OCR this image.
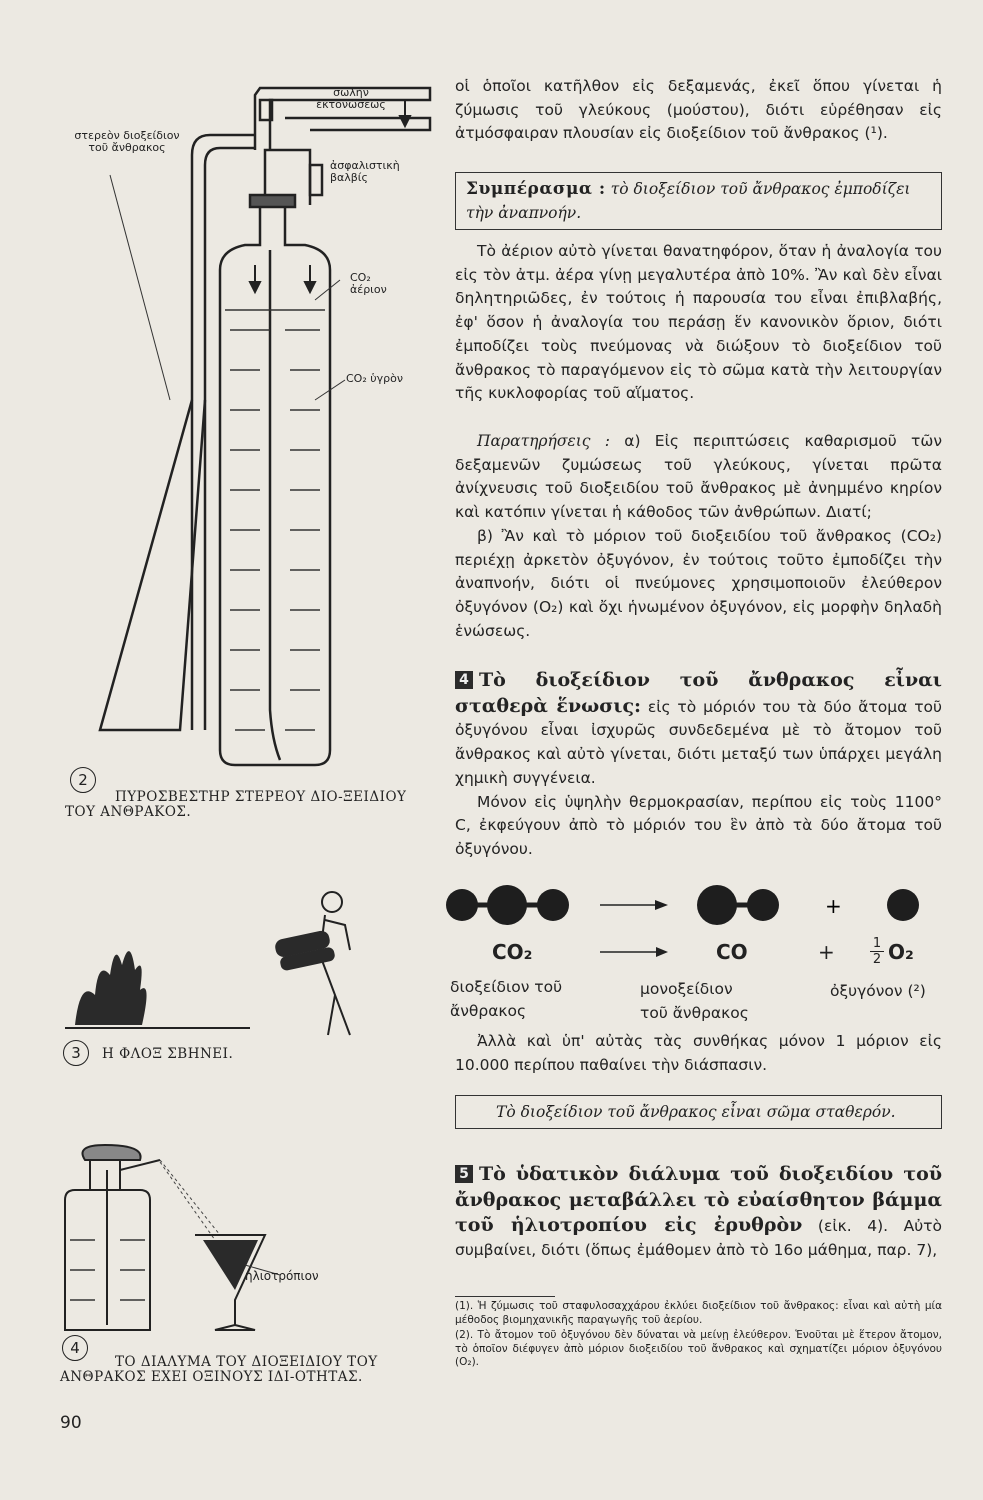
στερεὸν διοξείδιον τοῦ ἄνθρακος
σωλὴν ἐκτονώσεως
ἀσφαλιστικὴ βαλβίς
CO₂ ἀέριον
CO₂ ὑγρὸν
2
ΠΥΡΟΣΒΕΣΤΗΡ ΣΤΕΡΕΟΥ ΔΙΟ-ΞΕΙΔΙΟΥ ΤΟΥ ΑΝΘΡΑΚΟΣ.
3	Η ΦΛΟΞ ΣΒΗΝΕΙ.
ἡλιοτρόπιον
4
ΤΟ ΔΙΑΛΥΜΑ ΤΟΥ ΔΙΟΞΕΙΔΙΟΥ ΤΟΥ ΑΝΘΡΑΚΟΣ ΕΧΕΙ ΟΞΙΝΟΥΣ ΙΔΙ-ΟΤΗΤΑΣ.
90

οἱ ὁποῖοι κατῆλθον εἰς δεξαμενάς, ἐκεῖ ὅπου γίνεται ἡ ζύμωσις τοῦ γλεύκους (μούστου), διότι εὑρέθησαν εἰς ἀτμόσφαιραν πλουσίαν εἰς διοξείδιον τοῦ ἄνθρακος (¹).

Συμπέρασμα : τὸ διοξείδιον τοῦ ἄνθρακος ἐμποδίζει τὴν ἀναπνοήν.

Τὸ ἀέριον αὐτὸ γίνεται θανατηφόρον, ὅταν ἡ ἀναλογία του εἰς τὸν ἀτμ. ἀέρα γίνῃ μεγαλυτέρα ἀπὸ 10%. Ἂν καὶ δὲν εἶναι δηλητηριῶδες, ἐν τούτοις ἡ παρουσία του εἶναι ἐπιβλαβής, ἐφ' ὅσον ἡ ἀναλογία του περάσῃ ἕν κανονικὸν ὅριον, διότι ἐμποδίζει τοὺς πνεύμονας νὰ διώξουν τὸ διοξείδιον τοῦ ἄνθρακος τὸ παραγόμενον εἰς τὸ σῶμα κατὰ τὴν λειτουργίαν τῆς κυκλοφορίας τοῦ αἵματος.

Παρατηρήσεις : α) Εἰς περιπτώσεις καθαρισμοῦ τῶν δεξαμενῶν ζυμώσεως τοῦ γλεύκους, γίνεται πρῶτα ἀνίχνευσις τοῦ διοξειδίου τοῦ ἄνθρακος μὲ ἀνημμένο κηρίον καὶ κατόπιν γίνεται ἡ κάθοδος τῶν ἀνθρώπων. Διατί;

β) Ἂν καὶ τὸ μόριον τοῦ διοξειδίου τοῦ ἄνθρακος (CO₂) περιέχῃ ἀρκετὸν ὀξυγόνον, ἐν τούτοις τοῦτο ἐμποδίζει τὴν ἀναπνοήν, διότι οἱ πνεύμονες χρησιμοποιοῦν ἐλεύθερον ὀξυγόνον (O₂) καὶ ὄχι ἡνωμένον ὀξυγόνον, εἰς μορφὴν δηλαδὴ ἑνώσεως.

4 Τὸ διοξείδιον τοῦ ἄνθρακος εἶναι σταθερὰ ἕνωσις: εἰς τὸ μόριόν του τὰ δύο ἄτομα τοῦ ὀξυγόνου εἶναι ἰσχυρῶς συνδεδεμένα μὲ τὸ ἄτομον τοῦ ἄνθρακος καὶ αὐτὸ γίνεται, διότι μεταξύ των ὑπάρχει μεγάλη χημικὴ συγγένεια.

Μόνον εἰς ὑψηλὴν θερμοκρασίαν, περίπου εἰς τοὺς 1100° C, ἐκφεύγουν ἀπὸ τὸ μόριόν του ἓν ἀπὸ τὰ δύο ἄτομα τοῦ ὀξυγόνου.

+
CO₂	CO	+	$\frac{1}{2} O_2$
διοξείδιον τοῦ ἄνθρακος
μονοξείδιον τοῦ ἄνθρακος
ὀξυγόνον (²)

Ἀλλὰ καὶ ὑπ' αὐτὰς τὰς συνθήκας μόνον 1 μόριον εἰς 10.000 περίπου παθαίνει τὴν διάσπασιν.

Τὸ διοξείδιον τοῦ ἄνθρακος εἶναι σῶμα σταθερόν.

5 Τὸ ὑδατικὸν διάλυμα τοῦ διοξειδίου τοῦ ἄνθρακος μεταβάλλει τὸ εὐαίσθητον βάμμα τοῦ ἡλιοτροπίου εἰς ἐρυθρὸν (εἰκ. 4). Αὐτὸ συμβαίνει, διότι (ὅπως ἐμάθομεν ἀπὸ τὸ 16ο μάθημα, παρ. 7),

(1). Ἡ ζύμωσις τοῦ σταφυλοσαχχάρου ἐκλύει διοξείδιον τοῦ ἄνθρακος: εἶναι καὶ αὐτὴ μία μέθοδος βιομηχανικῆς παραγωγῆς τοῦ ἀερίου.

(2). Τὸ ἄτομον τοῦ ὀξυγόνου δὲν δύναται νὰ μείνῃ ἐλεύθερον. Ἑνοῦται μὲ ἕτερον ἄτομον, τὸ ὁποῖον διέφυγεν ἀπὸ μόριον διοξειδίου τοῦ ἄνθρακος καὶ σχηματίζει μόριον ὀξυγόνου (O₂).
